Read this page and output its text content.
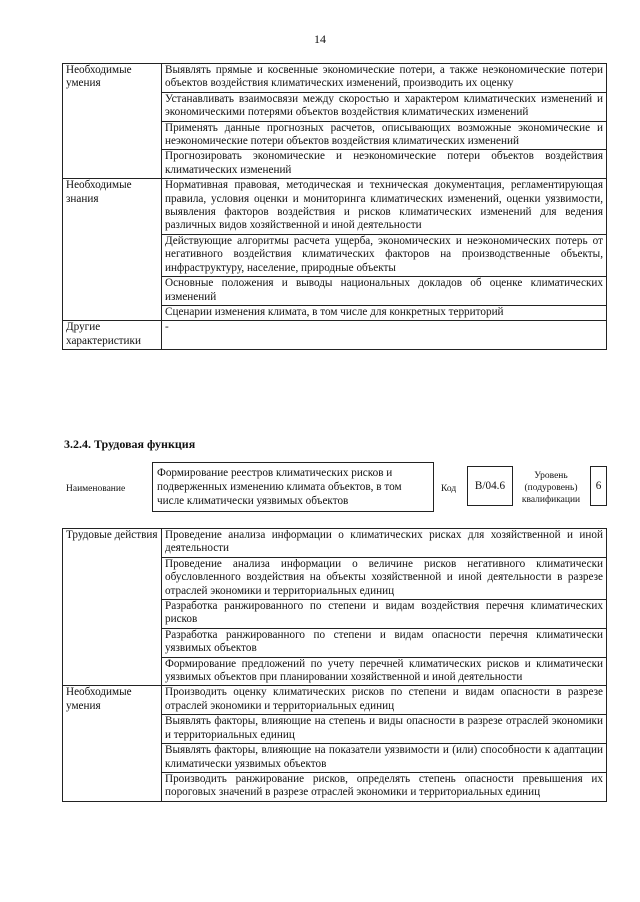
14
Необходимые умения	Выявлять прямые и косвенные экономические потери, а также неэкономические потери объектов воздействия климатических изменений, производить их оценку
	Устанавливать взаимосвязи между скоростью и характером климатических изменений и экономическими потерями объектов воздействия климатических изменений
	Применять данные прогнозных расчетов, описывающих возможные экономические и неэкономические потери объектов воздействия климатических изменений
	Прогнозировать экономические и неэкономические потери объектов воздействия климатических изменений
Необходимые знания	Нормативная правовая, методическая и техническая документация, регламентирующая правила, условия оценки и мониторинга климатических изменений, оценки уязвимости, выявления факторов воздействия и рисков климатических изменений для ведения различных видов хозяйственной и иной деятельности
	Действующие алгоритмы расчета ущерба, экономических и неэкономических потерь от негативного воздействия климатических факторов на производственные объекты, инфраструктуру, население, природные объекты
	Основные положения и выводы национальных докладов об оценке климатических изменений
	Сценарии изменения климата, в том числе для конкретных территорий
Другие характеристики	-
3.2.4. Трудовая функция
Наименование
Формирование реестров климатических рисков и подверженных изменению климата объектов, в том числе климатически уязвимых объектов
Код	B/04.6
Уровень (подуровень) квалификации
6
Трудовые действия	Проведение анализа информации о климатических рисках для хозяйственной и иной деятельности
	Проведение анализа информации о величине рисков негативного климатически обусловленного воздействия на объекты хозяйственной и иной деятельности в разрезе отраслей экономики и территориальных единиц
	Разработка ранжированного по степени и видам воздействия перечня климатических рисков
	Разработка ранжированного по степени и видам опасности перечня климатически уязвимых объектов
	Формирование предложений по учету перечней климатических рисков и климатически уязвимых объектов при планировании хозяйственной и иной деятельности
Необходимые умения	Производить оценку климатических рисков по степени и видам опасности в разрезе отраслей экономики и территориальных единиц
	Выявлять факторы, влияющие на степень и виды опасности в разрезе отраслей экономики и территориальных единиц
	Выявлять факторы, влияющие на показатели уязвимости и (или) способности к адаптации климатически уязвимых объектов
	Производить ранжирование рисков, определять степень опасности превышения их пороговых значений в разрезе отраслей экономики и территориальных единиц
